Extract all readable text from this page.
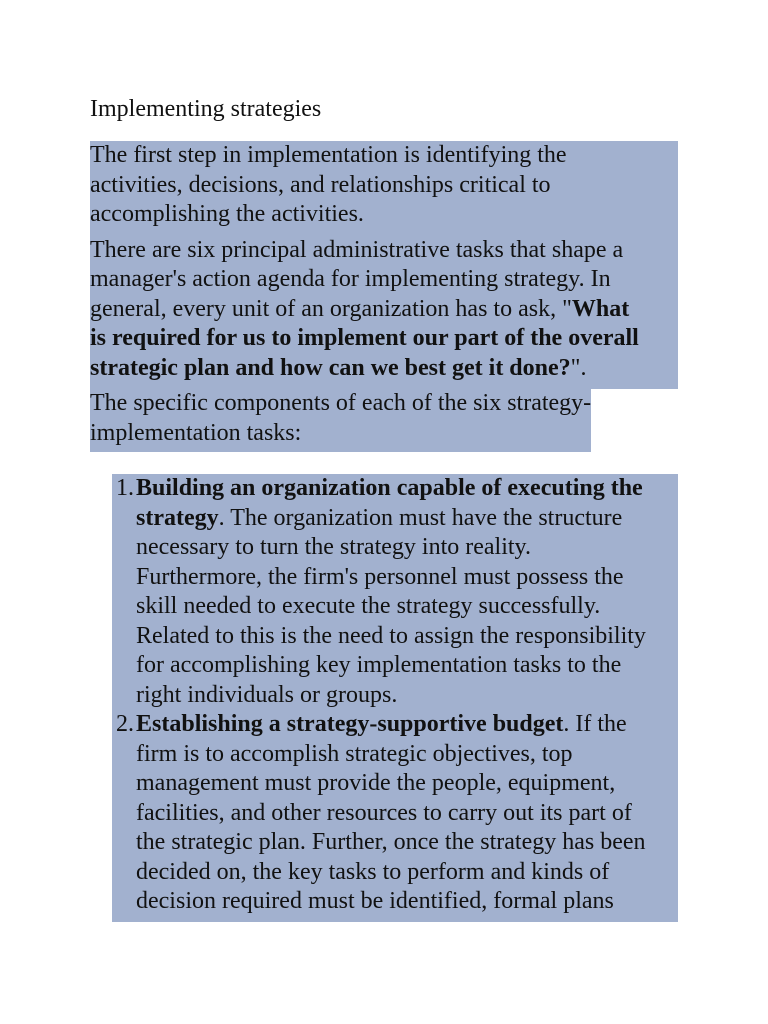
Implementing strategies

The first step in implementation is identifying the
activities, decisions, and relationships critical to
accomplishing the activities.

There are six principal administrative tasks that shape a
manager's action agenda for implementing strategy. In
general, every unit of an organization has to ask, "What
is required for us to implement our part of the overall
strategic plan and how can we best get it done?".

The specific components of each of the six strategy-
implementation tasks:

1. Building an organization capable of executing the
strategy. The organization must have the structure
necessary to turn the strategy into reality.
Furthermore, the firm's personnel must possess the
skill needed to execute the strategy successfully.
Related to this is the need to assign the responsibility
for accomplishing key implementation tasks to the
right individuals or groups.
2. Establishing a strategy-supportive budget. If the
firm is to accomplish strategic objectives, top
management must provide the people, equipment,
facilities, and other resources to carry out its part of
the strategic plan. Further, once the strategy has been
decided on, the key tasks to perform and kinds of
decision required must be identified, formal plans
